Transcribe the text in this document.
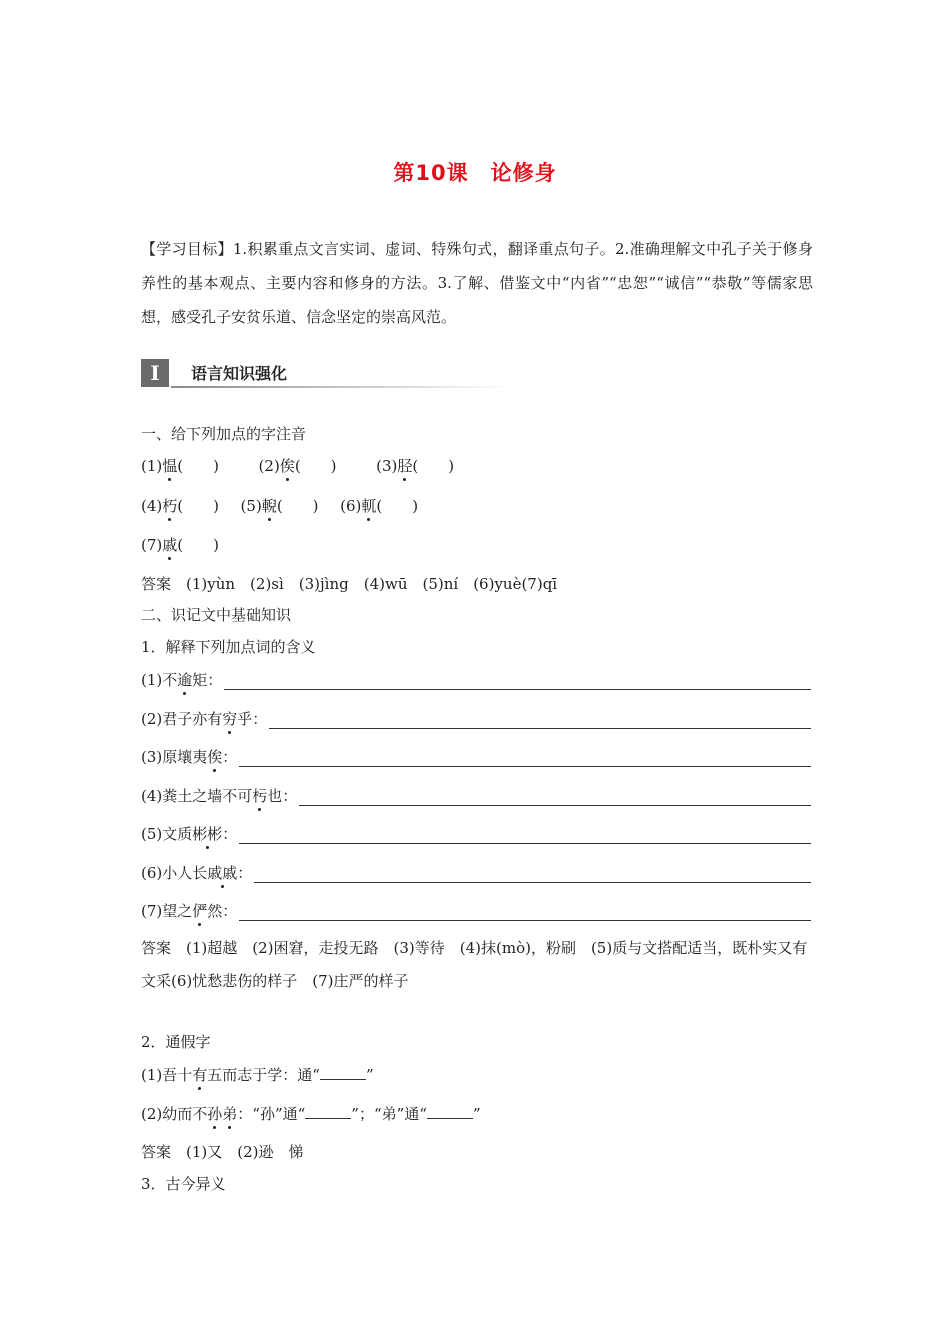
第10课　论修身
【学习目标】1.积累重点文言实词、虚词、特殊句式，翻译重点句子。2.准确理解文中孔子关于修身养性的基本观点、主要内容和修身的方法。3.了解、借鉴文中“内省”“忠恕”“诚信”“恭敬”等儒家思想，感受孔子安贫乐道、信念坚定的崇高风范。
I	语言知识强化
一、给下列加点的字注音
(1)愠(　　)	(2)俟(　　)	(3)胫(　　)
(4)朽(　　) (5)輗(　　) (6)軏(　　)
(7)戚(　　)
答案　(1)yùn　(2)sì　(3)jìng　(4)wū　(5)ní　(6)yuè(7)qī
二、识记文中基础知识
1．解释下列加点词的含义
(1)不逾矩：
(2)君子亦有穷乎：
(3)原壤夷俟：
(4)粪土之墙不可杇也：
(5)文质彬彬：
(6)小人长戚戚：
(7)望之俨然：
答案　(1)超越　(2)困窘，走投无路　(3)等待　(4)抹(mò)，粉刷　(5)质与文搭配适当，既朴实又有文采(6)忧愁悲伤的样子　(7)庄严的样子
2．通假字
(1)吾十有五而志于学：通“	”
(2)幼而不孙弟：“孙”通“	”；“弟”通“	”
答案　(1)又　(2)逊　悌
3．古今异义
